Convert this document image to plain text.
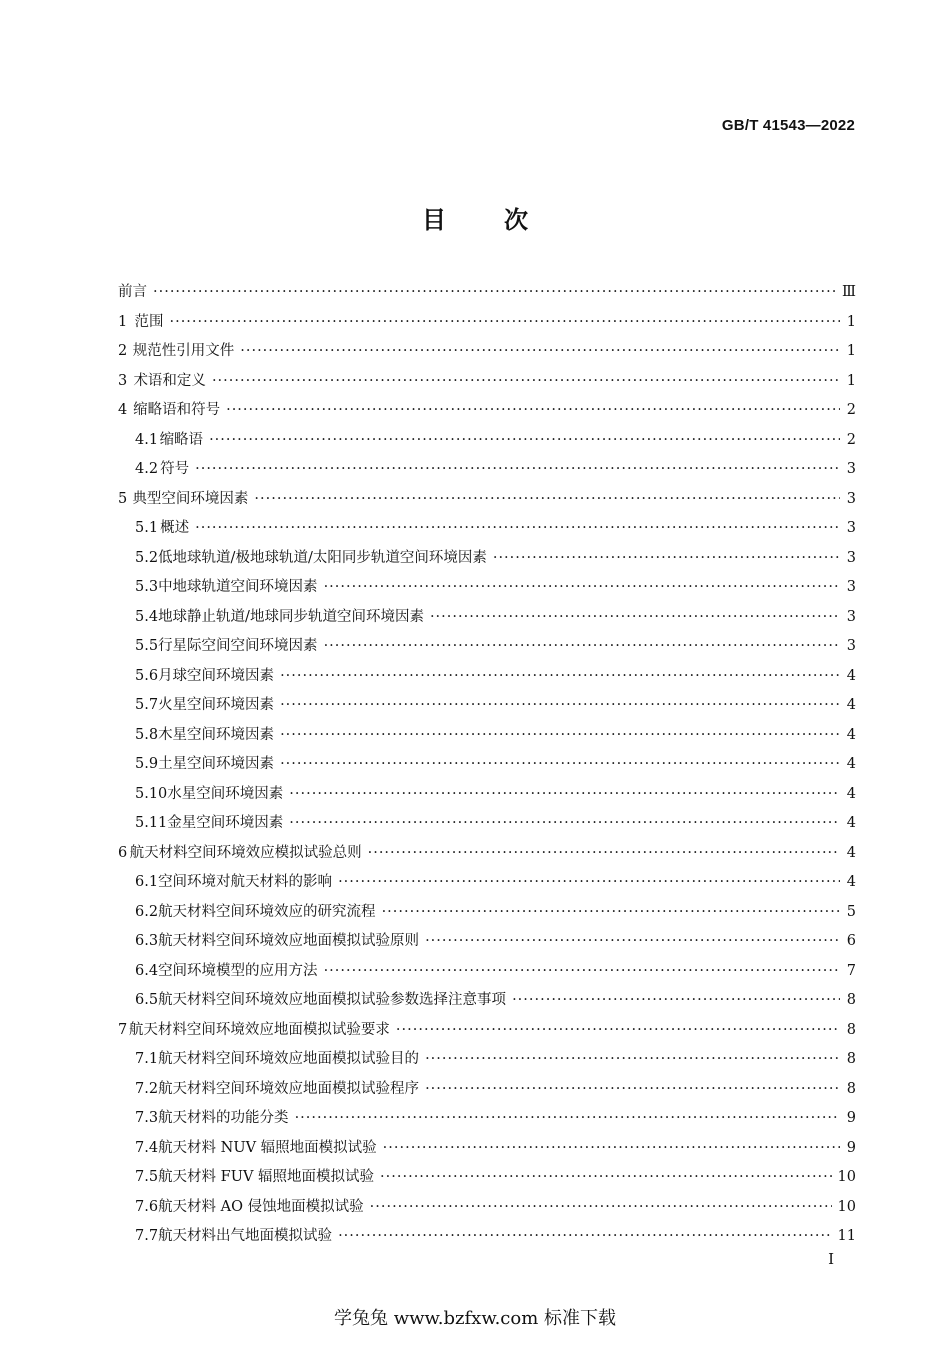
GB/T 41543—2022
目 次
前言 ·····	Ⅲ
1 范围 ·····	1
2 规范性引用文件 ·····	1
3 术语和定义 ·····	1
4 缩略语和符号 ·····	2
4.1 缩略语 ·····	2
4.2 符号 ·····	3
5 典型空间环境因素 ·····	3
5.1 概述 ·····	3
5.2 低地球轨道/极地球轨道/太阳同步轨道空间环境因素 ·····	3
5.3 中地球轨道空间环境因素 ·····	3
5.4 地球静止轨道/地球同步轨道空间环境因素 ·····	3
5.5 行星际空间空间环境因素 ·····	3
5.6 月球空间环境因素 ·····	4
5.7 火星空间环境因素 ·····	4
5.8 木星空间环境因素 ·····	4
5.9 土星空间环境因素 ·····	4
5.10 水星空间环境因素 ·····	4
5.11 金星空间环境因素 ·····	4
6 航天材料空间环境效应模拟试验总则 ·····	4
6.1 空间环境对航天材料的影响 ·····	4
6.2 航天材料空间环境效应的研究流程 ·····	5
6.3 航天材料空间环境效应地面模拟试验原则 ·····	6
6.4 空间环境模型的应用方法 ·····	7
6.5 航天材料空间环境效应地面模拟试验参数选择注意事项 ·····	8
7 航天材料空间环境效应地面模拟试验要求 ·····	8
7.1 航天材料空间环境效应地面模拟试验目的 ·····	8
7.2 航天材料空间环境效应地面模拟试验程序 ·····	8
7.3 航天材料的功能分类 ·····	9
7.4 航天材料 NUV 辐照地面模拟试验 ·····	9
7.5 航天材料 FUV 辐照地面模拟试验 ·····	10
7.6 航天材料 AO 侵蚀地面模拟试验 ·····	10
7.7 航天材料出气地面模拟试验 ·····	11
I
学兔兔 www.bzfxw.com 标准下载
